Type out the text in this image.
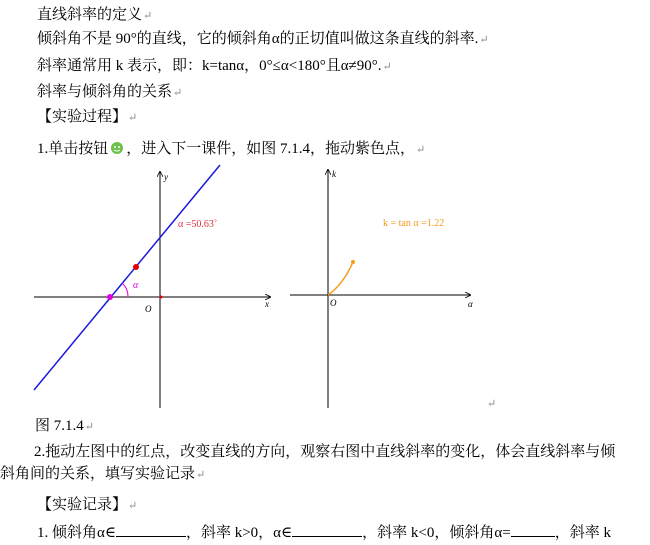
直线斜率的定义↵
倾斜角不是 90°的直线，它的倾斜角α的正切值叫做这条直线的斜率.↵
斜率通常用 k 表示，即：k=tanα，0°≤α<180°且α≠90°.↵
斜率与倾斜角的关系↵
【实验过程】↵
1.单击按钮 ，进入下一课件，如图 7.1.4，拖动紫色点，↵
x
y
O
α
α =50.63˚
α
k
O
k = tan α =1.22
↵
图 7.1.4↵
2.拖动左图中的红点，改变直线的方向，观察右图中直线斜率的变化，体会直线斜率与倾斜角间的关系，填写实验记录↵
【实验记录】↵
1. 倾斜角α∈	，斜率 k>0，α∈	，斜率 k<0，倾斜角α=	，斜率 k
